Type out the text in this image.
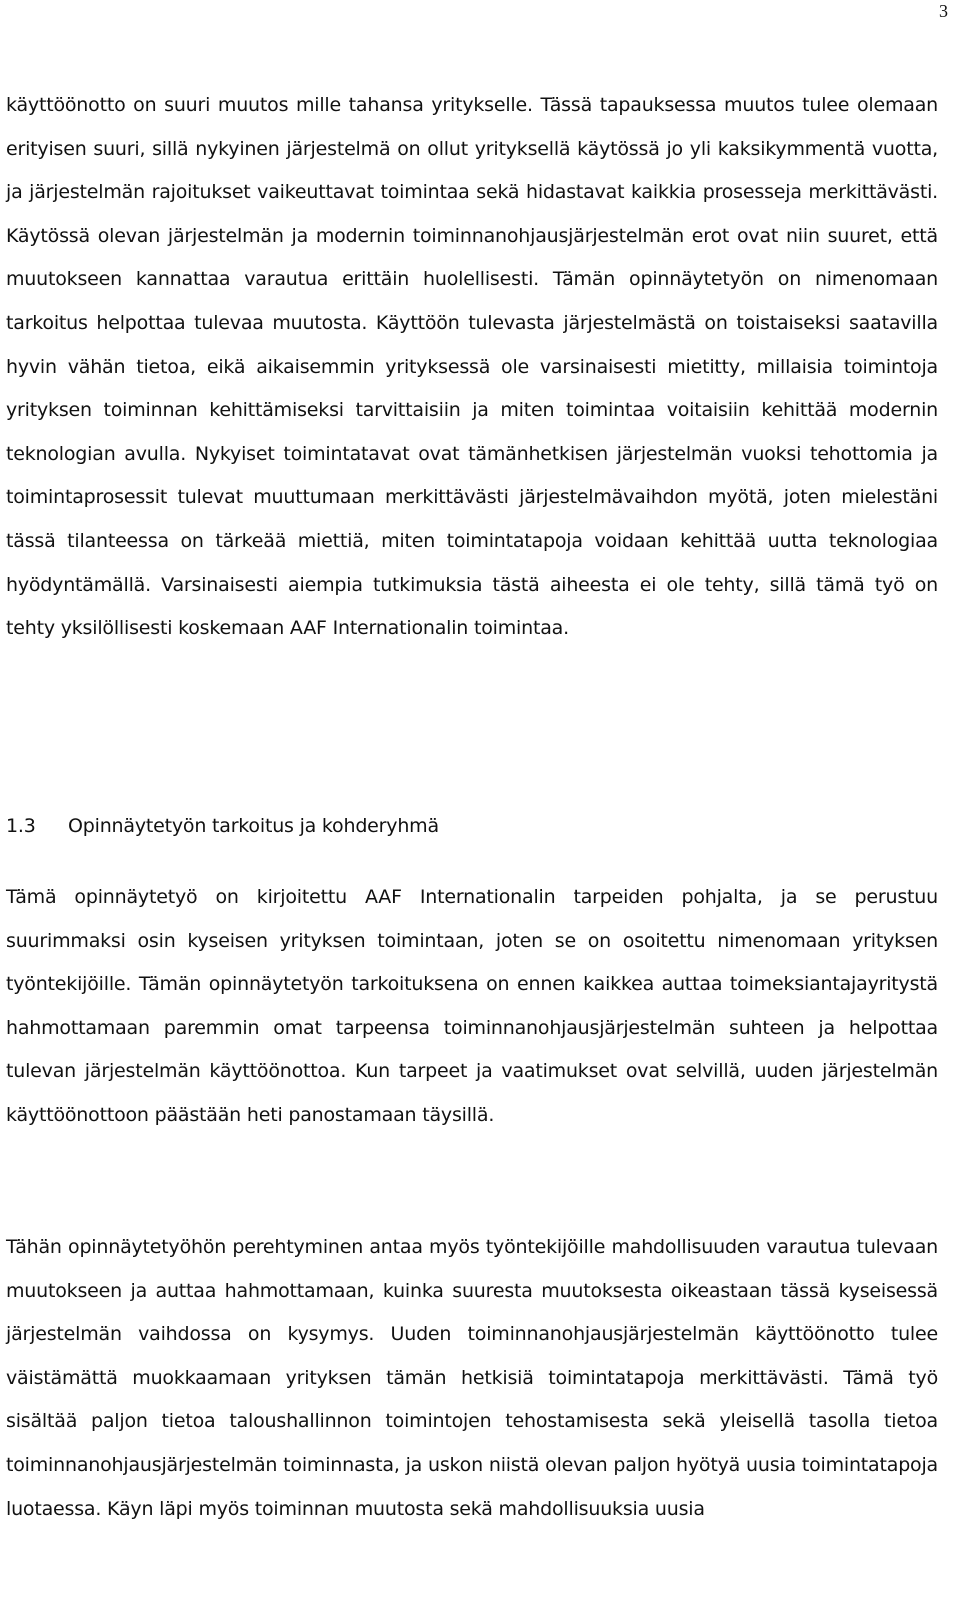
3

käyttöönotto on suuri muutos mille tahansa yritykselle. Tässä tapauksessa muutos tulee olemaan erityisen suuri, sillä nykyinen järjestelmä on ollut yrityksellä käytössä jo yli kaksikymmentä vuotta, ja järjestelmän rajoitukset vaikeuttavat toimintaa sekä hidastavat kaikkia prosesseja merkittävästi. Käytössä olevan järjestelmän ja modernin toiminnanohjausjärjestelmän erot ovat niin suuret, että muutokseen kannattaa varautua erittäin huolellisesti. Tämän opinnäytetyön on nimenomaan tarkoitus helpottaa tulevaa muutosta. Käyttöön tulevasta järjestelmästä on toistaiseksi saatavilla hyvin vähän tietoa, eikä aikaisemmin yrityksessä ole varsinaisesti mietitty, millaisia toimintoja yrityksen toiminnan kehittämiseksi tarvittaisiin ja miten toimintaa voitaisiin kehittää modernin teknologian avulla. Nykyiset toimintatavat ovat tämänhetkisen järjestelmän vuoksi tehottomia ja toimintaprosessit tulevat muuttumaan merkittävästi järjestelmävaihdon myötä, joten mielestäni tässä tilanteessa on tärkeää miettiä, miten toimintatapoja voidaan kehittää uutta teknologiaa hyödyntämällä. Varsinaisesti aiempia tutkimuksia tästä aiheesta ei ole tehty, sillä tämä työ on tehty yksilöllisesti koskemaan AAF Internationalin toimintaa.

1.3	Opinnäytetyön tarkoitus ja kohderyhmä

Tämä opinnäytetyö on kirjoitettu AAF Internationalin tarpeiden pohjalta, ja se perustuu suurimmaksi osin kyseisen yrityksen toimintaan, joten se on osoitettu nimenomaan yrityksen työntekijöille. Tämän opinnäytetyön tarkoituksena on ennen kaikkea auttaa toimeksiantajayritystä hahmottamaan paremmin omat tarpeensa toiminnanohjausjärjestelmän suhteen ja helpottaa tulevan järjestelmän käyttöönottoa. Kun tarpeet ja vaatimukset ovat selvillä, uuden järjestelmän käyttöönottoon päästään heti panostamaan täysillä.

Tähän opinnäytetyöhön perehtyminen antaa myös työntekijöille mahdollisuuden varautua tulevaan muutokseen ja auttaa hahmottamaan, kuinka suuresta muutoksesta oikeastaan tässä kyseisessä järjestelmän vaihdossa on kysymys. Uuden toiminnanohjausjärjestelmän käyttöönotto tulee väistämättä muokkaamaan yrityksen tämän hetkisiä toimintatapoja merkittävästi. Tämä työ sisältää paljon tietoa taloushallinnon toimintojen tehostamisesta sekä yleisellä tasolla tietoa toiminnanohjausjärjestelmän toiminnasta, ja uskon niistä olevan paljon hyötyä uusia toimintatapoja luotaessa. Käyn läpi myös toiminnan muutosta sekä mahdollisuuksia uusia
